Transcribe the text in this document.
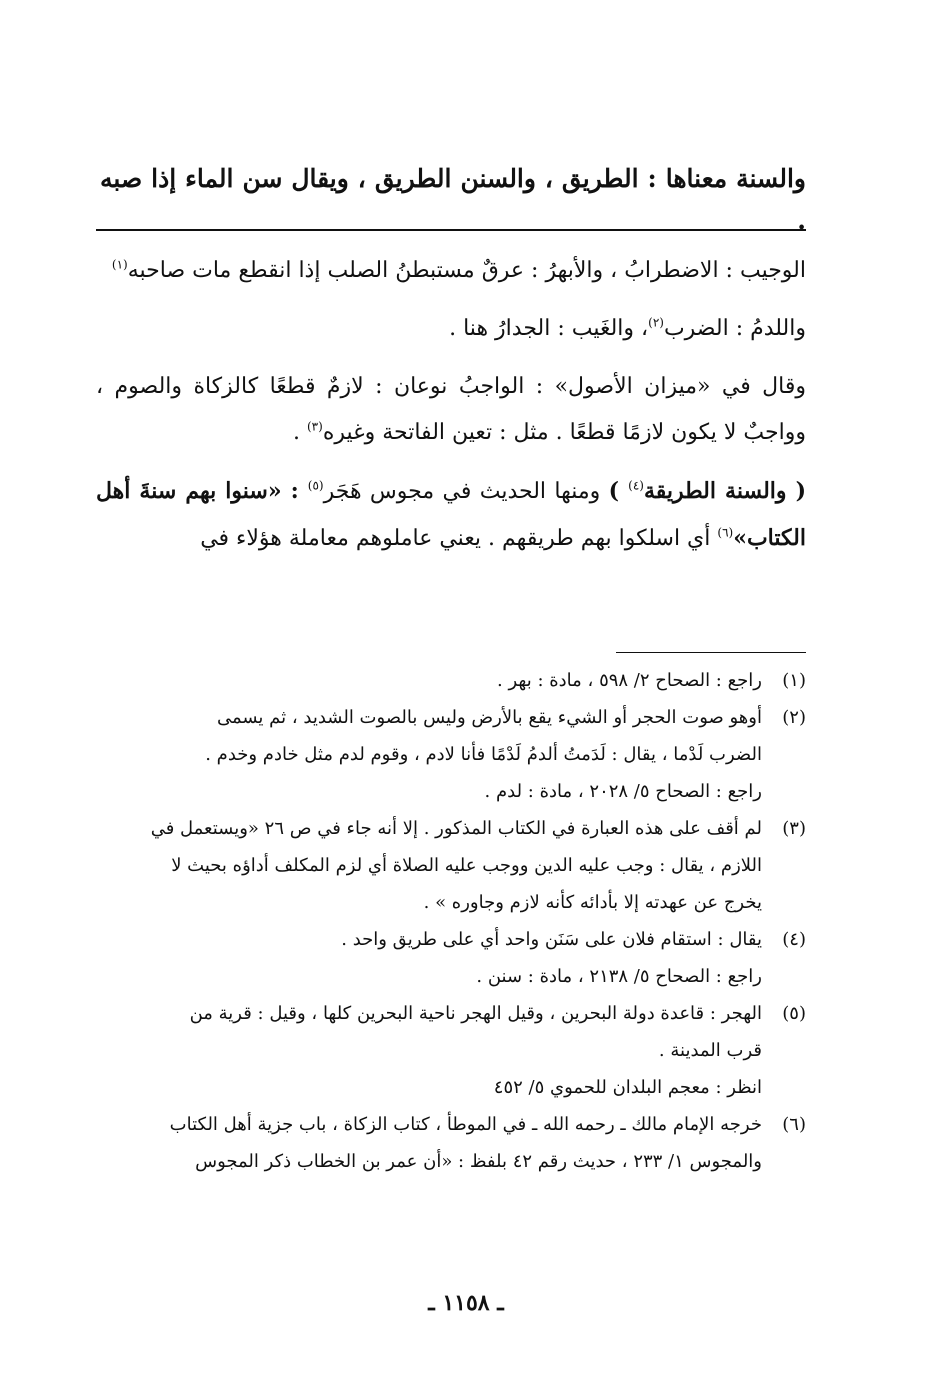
والسنة معناها : الطريق ، والسنن الطريق ، ويقال سن الماء إذا صبه .

الوجيب : الاضطرابُ ، والأبهرُ : عرقٌ مستبطنُ الصلب إذا انقطع مات صاحبه$^{(١)}$

واللدمُ : الضرب$^{(٢)}$، والغَيب : الجدارُ هنا .

وقال في «ميزان الأصول» : الواجبُ نوعان : لازمٌ قطعًا كالزكاة والصوم ، وواجبٌ لا يكون لازمًا قطعًا . مثل : تعين الفاتحة وغيره$^{(٣)}$ .

( والسنة الطريقة$^{(٤)}$ ) ومنها الحديث في مجوس هَجَر$^{(٥)}$ : «سنوا بهم سنةَ أهل الكتاب»$^{(٦)}$ أي اسلكوا بهم طريقهم . يعني عاملوهم معاملة هؤلاء في

(١)
راجع : الصحاح ٢/ ٥٩٨ ، مادة : بهر .
(٢)
أوهو صوت الحجر أو الشيء يقع بالأرض وليس بالصوت الشديد ، ثم يسمى
الضرب لَدْما ، يقال : لَدَمتُ ألدمُ لَدْمًا فأنا لادم ، وقوم لدم مثل خادم وخدم .
راجع : الصحاح ٥/ ٢٠٢٨ ، مادة : لدم .
(٣)
لم أقف على هذه العبارة في الكتاب المذكور . إلا أنه جاء في ص ٢٦ «ويستعمل في
اللازم ، يقال : وجب عليه الدين ووجب عليه الصلاة أي لزم المكلف أداؤه بحيث لا
يخرج عن عهدته إلا بأدائه كأنه لازم وجاوره » .
(٤)
يقال : استقام فلان على سَنَن واحد أي على طريق واحد .
راجع : الصحاح ٥/ ٢١٣٨ ، مادة : سنن .
(٥)
الهجر : قاعدة دولة البحرين ، وقيل الهجر ناحية البحرين كلها ، وقيل : قرية من
قرب المدينة .
انظر : معجم البلدان للحموي ٥/ ٤٥٢
(٦)
خرجه الإمام مالك ـ رحمه الله ـ في الموطأ ، كتاب الزكاة ، باب جزية أهل الكتاب
والمجوس ١/ ٢٣٣ ، حديث رقم ٤٢ بلفظ : «أن عمر بن الخطاب ذكر المجوس
ـ ١١٥٨ ـ
